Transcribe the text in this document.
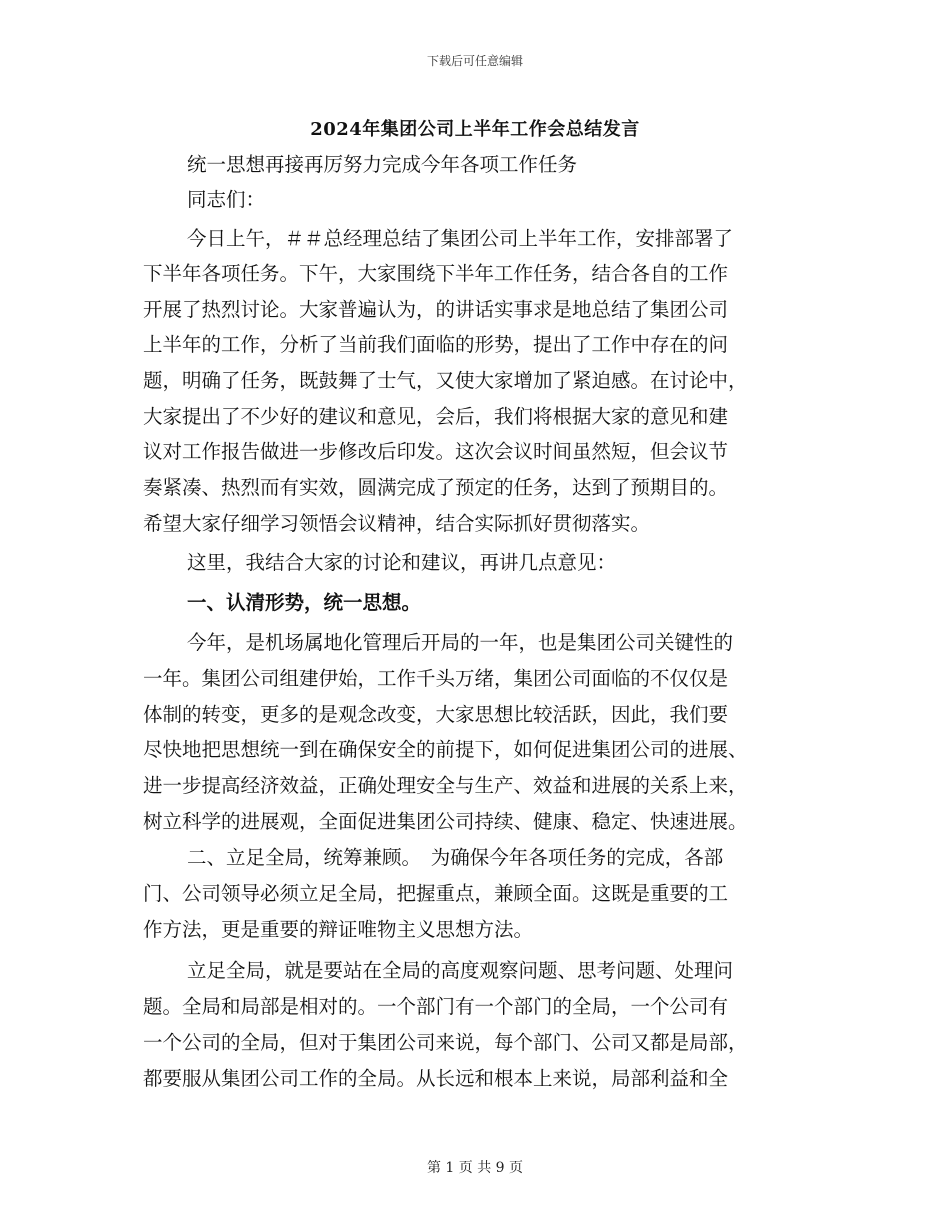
下载后可任意编辑
2024年集团公司上半年工作会总结发言
统一思想再接再厉努力完成今年各项工作任务
同志们：
今日上午，＃＃总经理总结了集团公司上半年工作，安排部署了
下半年各项任务。下午，大家围绕下半年工作任务，结合各自的工作
开展了热烈讨论。大家普遍认为，的讲话实事求是地总结了集团公司
上半年的工作，分析了当前我们面临的形势，提出了工作中存在的问
题，明确了任务，既鼓舞了士气，又使大家增加了紧迫感。在讨论中，
大家提出了不少好的建议和意见，会后，我们将根据大家的意见和建
议对工作报告做进一步修改后印发。这次会议时间虽然短，但会议节
奏紧凑、热烈而有实效，圆满完成了预定的任务，达到了预期目的。
希望大家仔细学习领悟会议精神，结合实际抓好贯彻落实。
这里，我结合大家的讨论和建议，再讲几点意见：
一、认清形势，统一思想。
今年，是机场属地化管理后开局的一年，也是集团公司关键性的
一年。集团公司组建伊始，工作千头万绪，集团公司面临的不仅仅是
体制的转变，更多的是观念改变，大家思想比较活跃，因此，我们要
尽快地把思想统一到在确保安全的前提下，如何促进集团公司的进展、
进一步提高经济效益，正确处理安全与生产、效益和进展的关系上来，
树立科学的进展观，全面促进集团公司持续、健康、稳定、快速进展。
二、立足全局，统筹兼顾。　为确保今年各项任务的完成，各部
门、公司领导必须立足全局，把握重点，兼顾全面。这既是重要的工
作方法，更是重要的辩证唯物主义思想方法。
立足全局，就是要站在全局的高度观察问题、思考问题、处理问
题。全局和局部是相对的。一个部门有一个部门的全局，一个公司有
一个公司的全局，但对于集团公司来说，每个部门、公司又都是局部，
都要服从集团公司工作的全局。从长远和根本上来说，局部利益和全
第 1 页 共 9 页
